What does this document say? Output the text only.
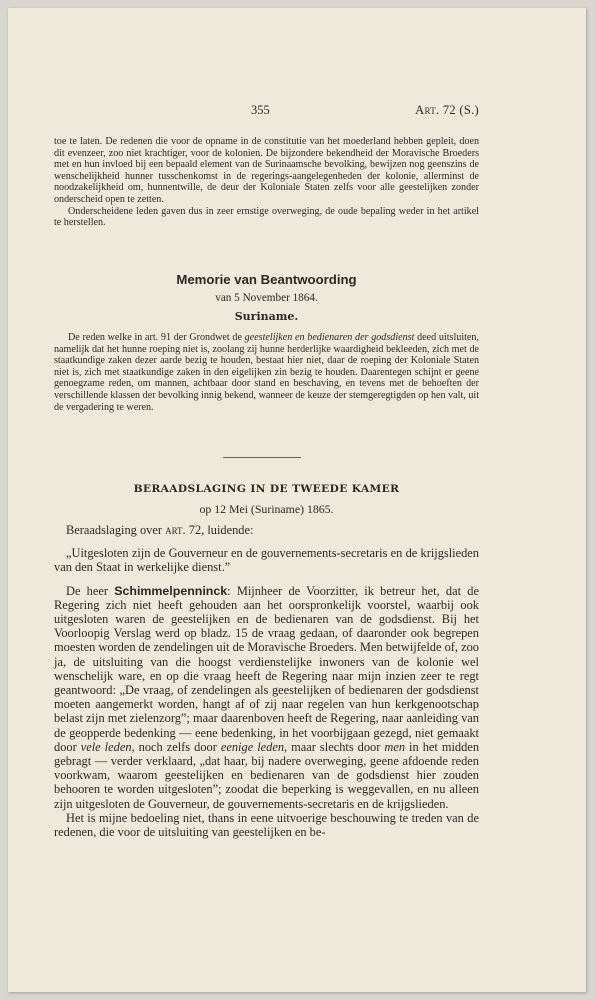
355	Art. 72 (S.)

toe te laten. De redenen die voor de opname in de constitutie van het moederland hebben gepleit, doen dit evenzeer, zoo niet krachtiger, voor de kolonien. De bijzondere bekendheid der Moravische Broeders met en hun invloed bij een bepaald element van de Surinaamsche bevolking, bewijzen nog geenszins de wenschelijkheid hunner tusschenkomst in de regerings-aangelegenheden der kolonie, allerminst de noodzakelijkheid om, hunnentwille, de deur der Koloniale Staten zelfs voor alle geestelijken zonder onderscheid open te zetten.

Onderscheidene leden gaven dus in zeer ernstige overweging, de oude bepaling weder in het artikel te herstellen.

Memorie van Beantwoording
van 5 November 1864.
Suriname.

De reden welke in art. 91 der Grondwet de geestelijken en bedienaren der godsdienst deed uitsluiten, namelijk dat het hunne roeping niet is, zoolang zij hunne herderlijke waardigheid bekleeden, zich met de staatkundige zaken dezer aarde bezig te houden, bestaat hier niet, daar de roeping der Koloniale Staten niet is, zich met staatkundige zaken in den eigelijken zin bezig te houden. Daarentegen schijnt er geene genoegzame reden, om mannen, achtbaar door stand en beschaving, en tevens met de behoeften der verschillende klassen der bevolking innig bekend, wanneer de keuze der stemgeregtigden op hen valt, uit de vergadering te weren.

BERAADSLAGING IN DE TWEEDE KAMER
op 12 Mei (Suriname) 1865.

Beraadslaging over art. 72, luidende:

„Uitgesloten zijn de Gouverneur en de gouvernements-secretaris en de krijgslieden van den Staat in werkelijke dienst.”

De heer Schimmelpenninck: Mijnheer de Voorzitter, ik betreur het, dat de Regering zich niet heeft gehouden aan het oorspronkelijk voorstel, waarbij ook uitgesloten waren de geestelijken en de bedienaren van de godsdienst. Bij het Voorloopig Verslag werd op bladz. 15 de vraag gedaan, of daaronder ook begrepen moesten worden de zendelingen uit de Moravische Broeders. Men betwijfelde of, zoo ja, de uitsluiting van die hoogst verdienstelijke inwoners van de kolonie wel wenschelijk ware, en op die vraag heeft de Regering naar mijn inzien zeer te regt geantwoord: „De vraag, of zendelingen als geestelijken of bedienaren der godsdienst moeten aangemerkt worden, hangt af of zij naar regelen van hun kerkgenootschap belast zijn met zielenzorg”; maar daarenboven heeft de Regering, naar aanleiding van de geopperde bedenking — eene bedenking, in het voorbijgaan gezegd, niet gemaakt door vele leden, noch zelfs door eenige leden, maar slechts door men in het midden gebragt — verder verklaard, „dat haar, bij nadere overweging, geene afdoende reden voorkwam, waarom geestelijken en bedienaren van de godsdienst hier zouden behooren te worden uitgesloten”; zoodat die beperking is weggevallen, en nu alleen zijn uitgesloten de Gouverneur, de gouvernements-secretaris en de krijgslieden.

Het is mijne bedoeling niet, thans in eene uitvoerige beschouwing te treden van de redenen, die voor de uitsluiting van geestelijken en be-
